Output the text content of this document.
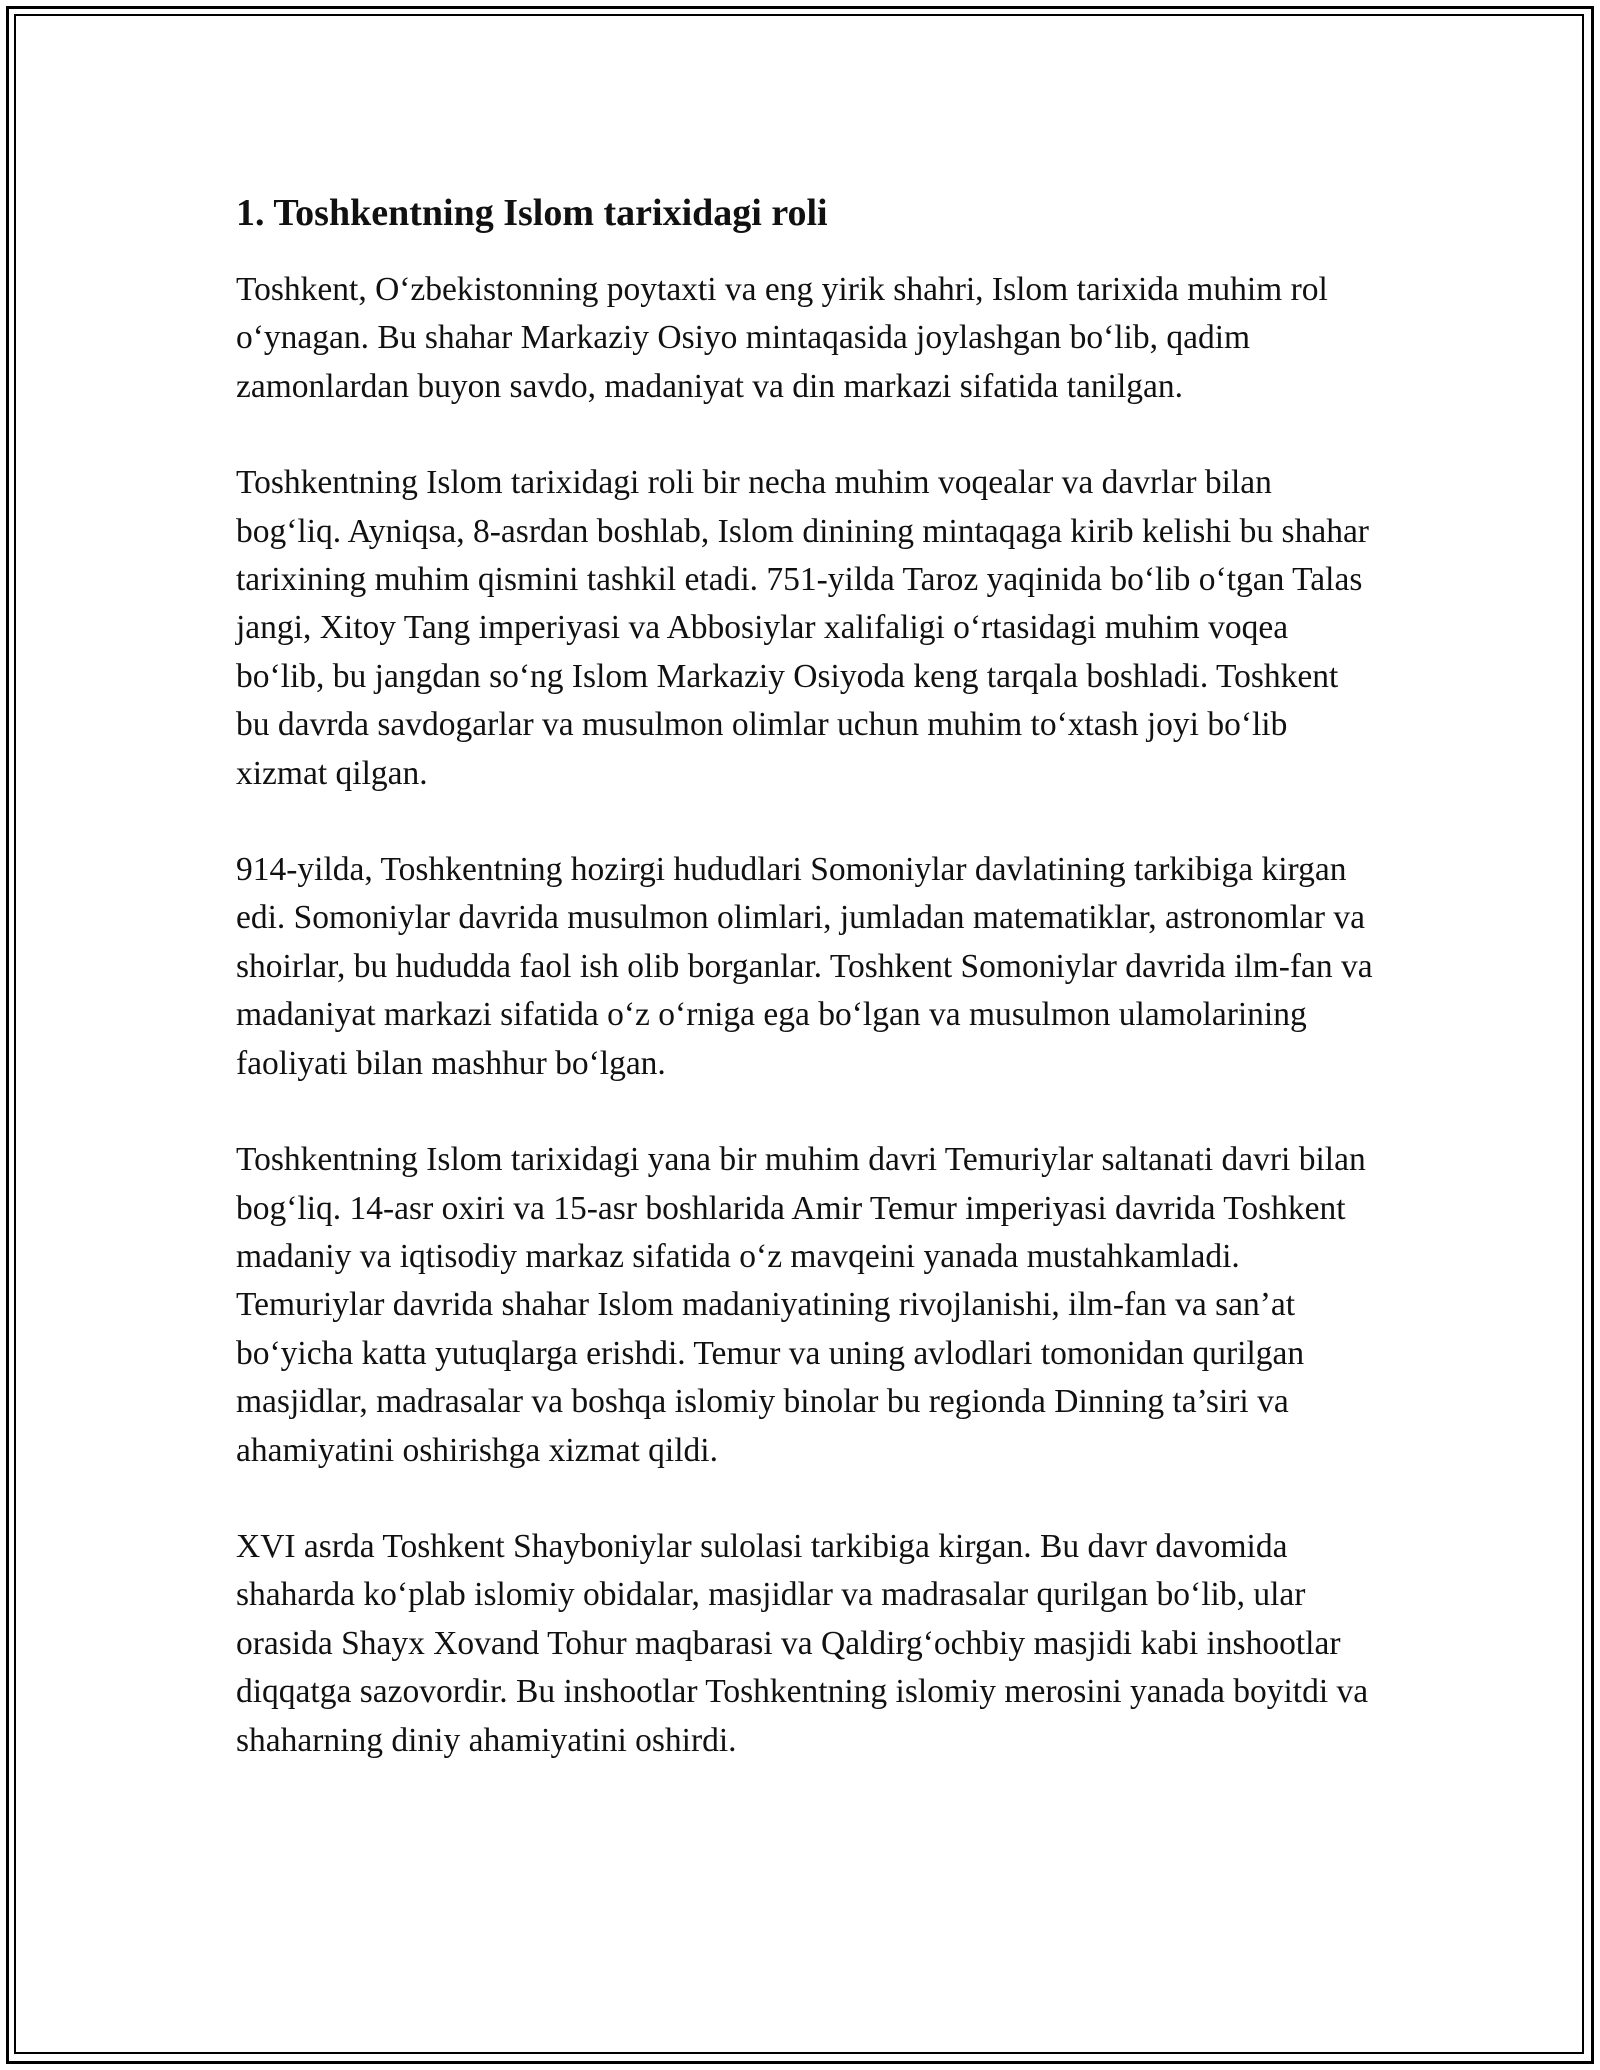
1. Toshkentning Islom tarixidagi roli

Toshkent, O‘zbekistonning poytaxti va eng yirik shahri, Islom tarixida muhim rol o‘ynagan. Bu shahar Markaziy Osiyo mintaqasida joylashgan bo‘lib, qadim zamonlardan buyon savdo, madaniyat va din markazi sifatida tanilgan.

Toshkentning Islom tarixidagi roli bir necha muhim voqealar va davrlar bilan bog‘liq. Ayniqsa, 8-asrdan boshlab, Islom dinining mintaqaga kirib kelishi bu shahar tarixining muhim qismini tashkil etadi. 751-yilda Taroz yaqinida bo‘lib o‘tgan Talas jangi, Xitoy Tang imperiyasi va Abbosiylar xalifaligi o‘rtasidagi muhim voqea bo‘lib, bu jangdan so‘ng Islom Markaziy Osiyoda keng tarqala boshladi. Toshkent bu davrda savdogarlar va musulmon olimlar uchun muhim to‘xtash joyi bo‘lib xizmat qilgan.

914-yilda, Toshkentning hozirgi hududlari Somoniylar davlatining tarkibiga kirgan edi. Somoniylar davrida musulmon olimlari, jumladan matematiklar, astronomlar va shoirlar, bu hududda faol ish olib borganlar. Toshkent Somoniylar davrida ilm-fan va madaniyat markazi sifatida o‘z o‘rniga ega bo‘lgan va musulmon ulamolarining faoliyati bilan mashhur bo‘lgan.

Toshkentning Islom tarixidagi yana bir muhim davri Temuriylar saltanati davri bilan bog‘liq. 14-asr oxiri va 15-asr boshlarida Amir Temur imperiyasi davrida Toshkent madaniy va iqtisodiy markaz sifatida o‘z mavqeini yanada mustahkamladi. Temuriylar davrida shahar Islom madaniyatining rivojlanishi, ilm-fan va san’at bo‘yicha katta yutuqlarga erishdi. Temur va uning avlodlari tomonidan qurilgan masjidlar, madrasalar va boshqa islomiy binolar bu regionda Dinning ta’siri va ahamiyatini oshirishga xizmat qildi.

XVI asrda Toshkent Shayboniylar sulolasi tarkibiga kirgan. Bu davr davomida shaharda ko‘plab islomiy obidalar, masjidlar va madrasalar qurilgan bo‘lib, ular orasida Shayx Xovand Tohur maqbarasi va Qaldirg‘ochbiy masjidi kabi inshootlar diqqatga sazovordir. Bu inshootlar Toshkentning islomiy merosini yanada boyitdi va shaharning diniy ahamiyatini oshirdi.
